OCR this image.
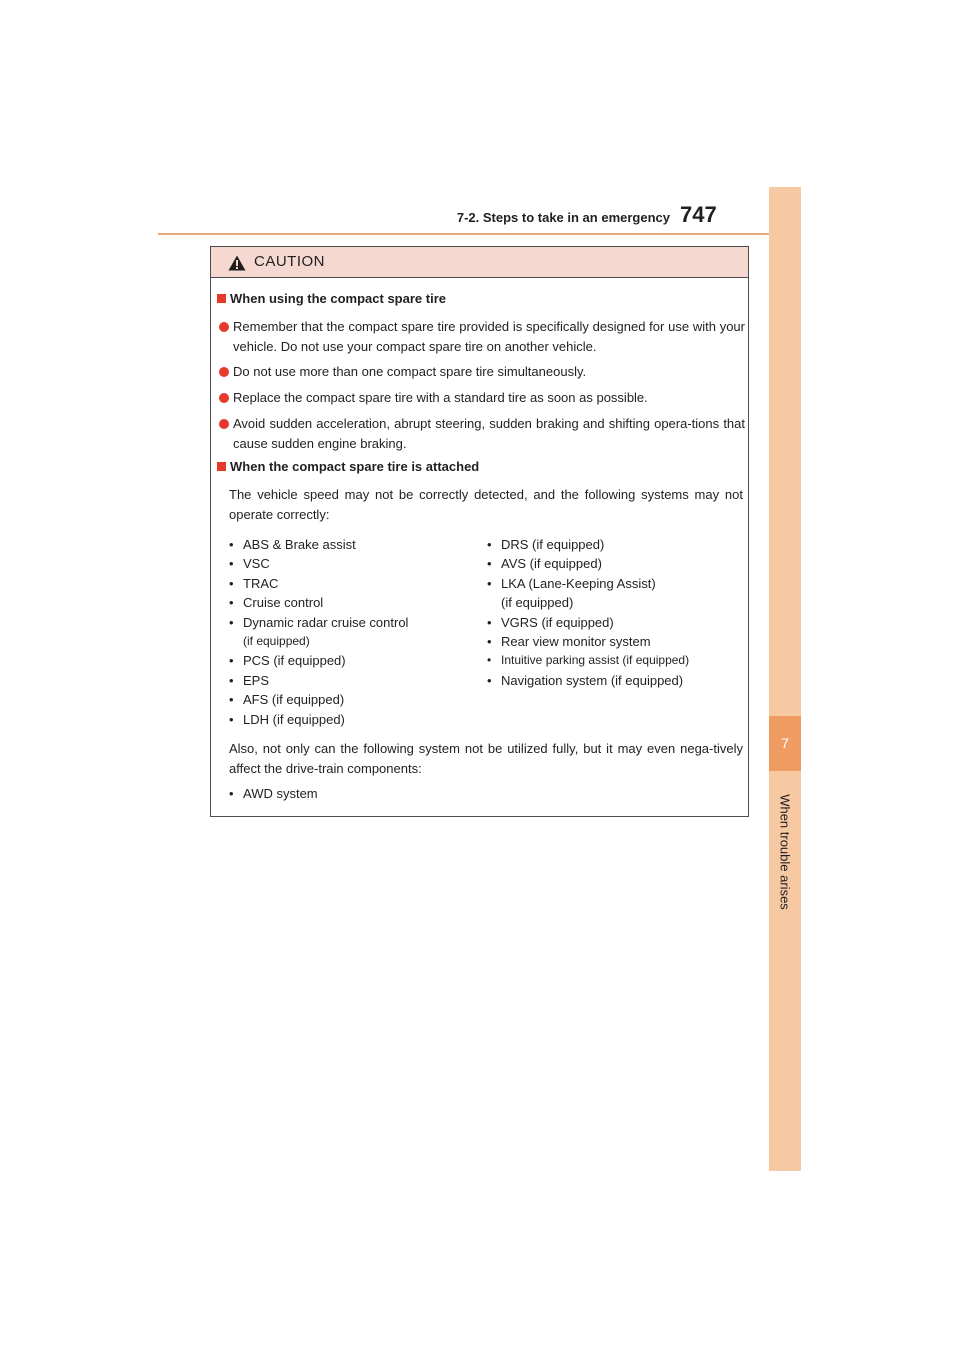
7-2. Steps to take in an emergency 747
7
When trouble arises
CAUTION
When using the compact spare tire
Remember that the compact spare tire provided is specifically designed for use with your vehicle. Do not use your compact spare tire on another vehicle.
Do not use more than one compact spare tire simultaneously.
Replace the compact spare tire with a standard tire as soon as possible.
Avoid sudden acceleration, abrupt steering, sudden braking and shifting opera-tions that cause sudden engine braking.
When the compact spare tire is attached
The vehicle speed may not be correctly detected, and the following systems may not operate correctly:
• ABS & Brake assist
• VSC
• TRAC
• Cruise control
• Dynamic radar cruise control
(if equipped)
• PCS (if equipped)
• EPS
• AFS (if equipped)
• LDH (if equipped)
• DRS (if equipped)
• AVS (if equipped)
• LKA (Lane-Keeping Assist)
(if equipped)
• VGRS (if equipped)
• Rear view monitor system
• Intuitive parking assist (if equipped)
• Navigation system (if equipped)
Also, not only can the following system not be utilized fully, but it may even nega-tively affect the drive-train components:
• AWD system
